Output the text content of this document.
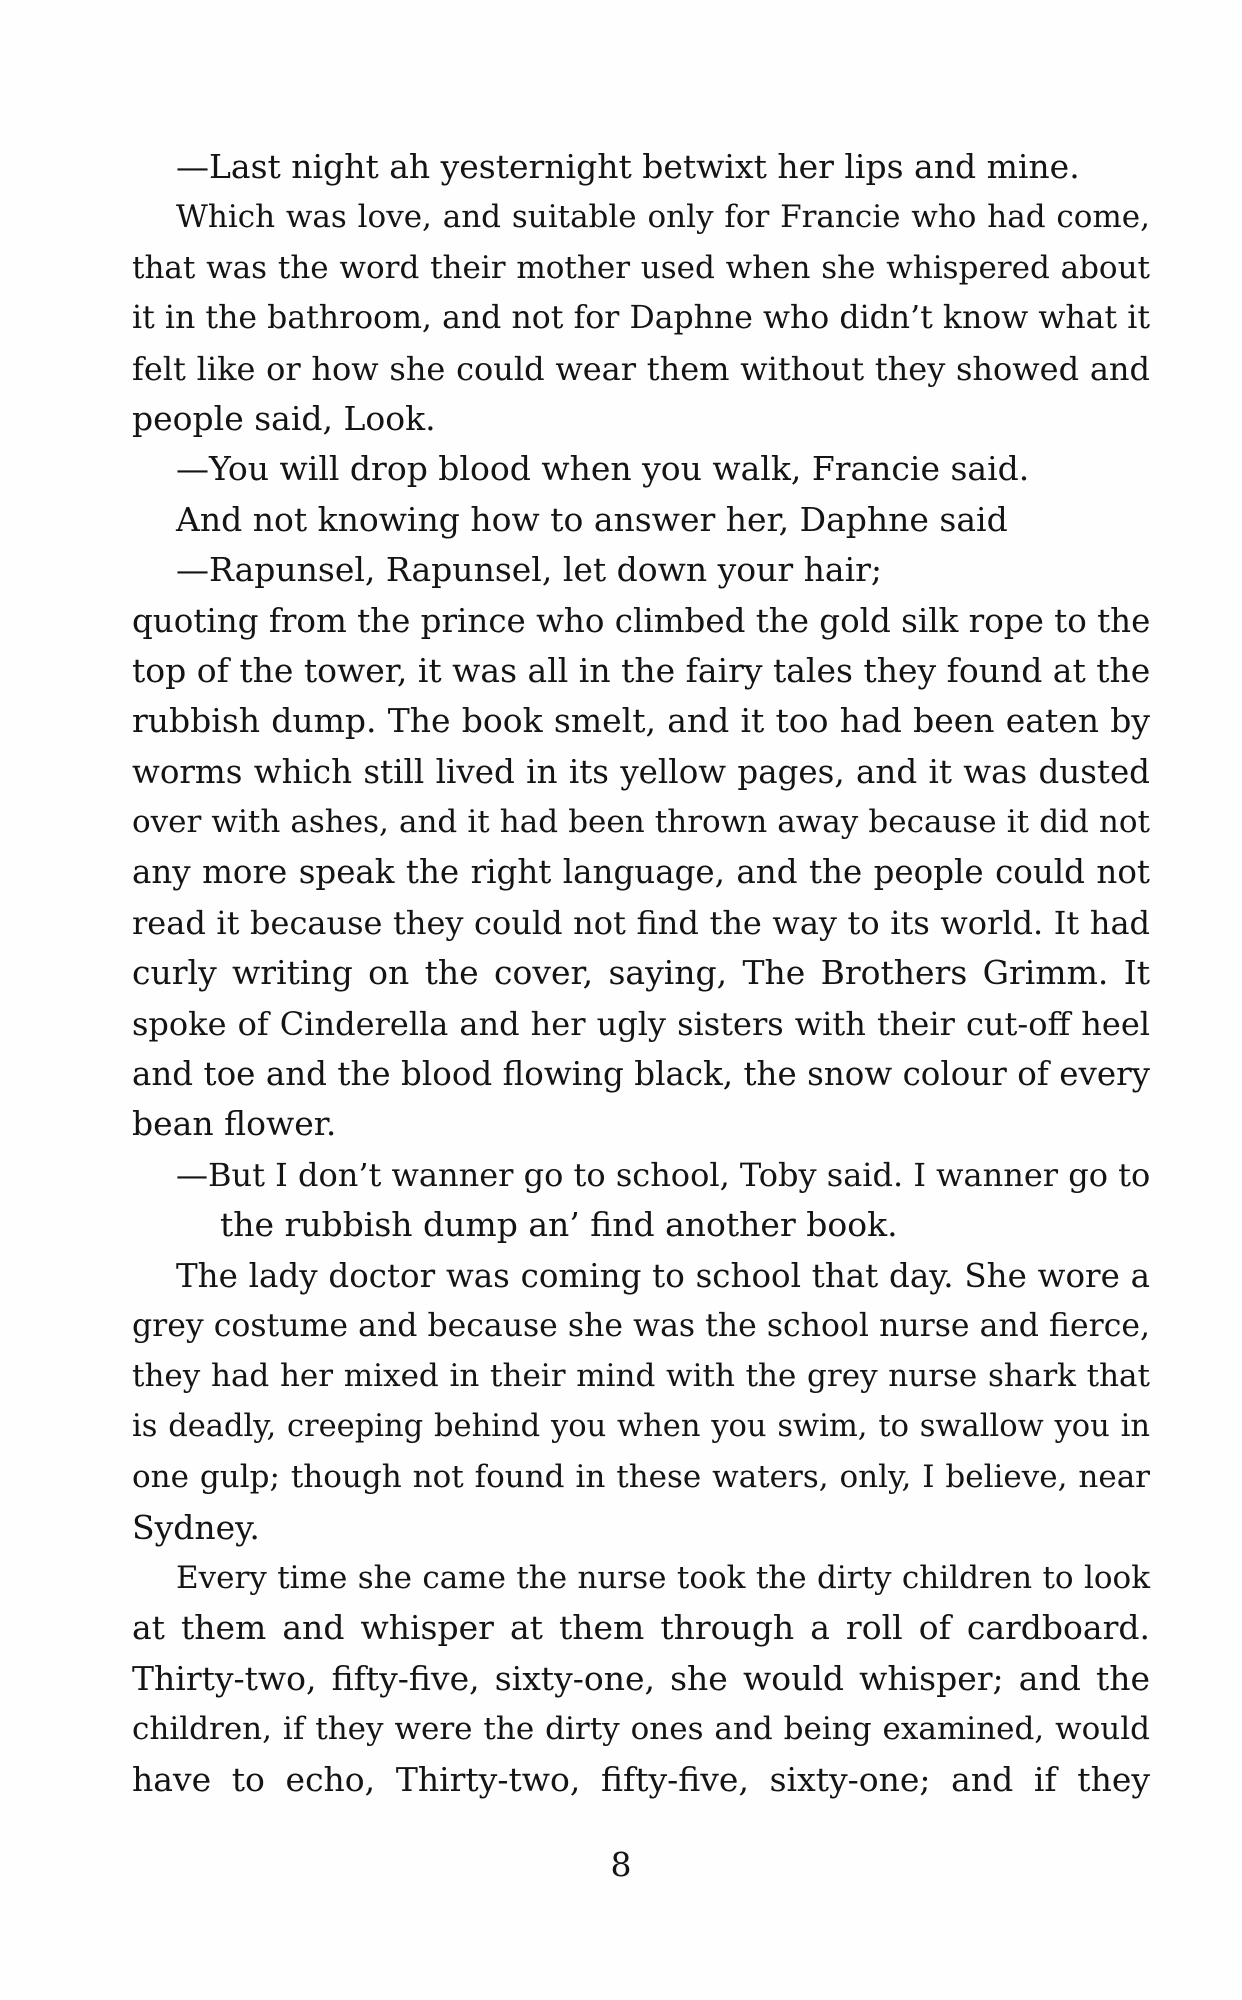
—Last night ah yesternight betwixt her lips and mine.
Which was love, and suitable only for Francie who had come,
that was the word their mother used when she whispered about
it in the bathroom, and not for Daphne who didn’t know what it
felt like or how she could wear them without they showed and
people said, Look.
—You will drop blood when you walk, Francie said.
And not knowing how to answer her, Daphne said
—Rapunsel, Rapunsel, let down your hair;
quoting from the prince who climbed the gold silk rope to the
top of the tower, it was all in the fairy tales they found at the
rubbish dump. The book smelt, and it too had been eaten by
worms which still lived in its yellow pages, and it was dusted
over with ashes, and it had been thrown away because it did not
any more speak the right language, and the people could not
read it because they could not find the way to its world. It had
curly writing on the cover, saying, The Brothers Grimm. It
spoke of Cinderella and her ugly sisters with their cut-off heel
and toe and the blood flowing black, the snow colour of every
bean flower.
—But I don’t wanner go to school, Toby said. I wanner go to
the rubbish dump an’ find another book.
The lady doctor was coming to school that day. She wore a
grey costume and because she was the school nurse and fierce,
they had her mixed in their mind with the grey nurse shark that
is deadly, creeping behind you when you swim, to swallow you in
one gulp; though not found in these waters, only, I believe, near
Sydney.
Every time she came the nurse took the dirty children to look
at them and whisper at them through a roll of cardboard.
Thirty-two, fifty-five, sixty-one, she would whisper; and the
children, if they were the dirty ones and being examined, would
have to echo, Thirty-two, fifty-five, sixty-one; and if they
8
